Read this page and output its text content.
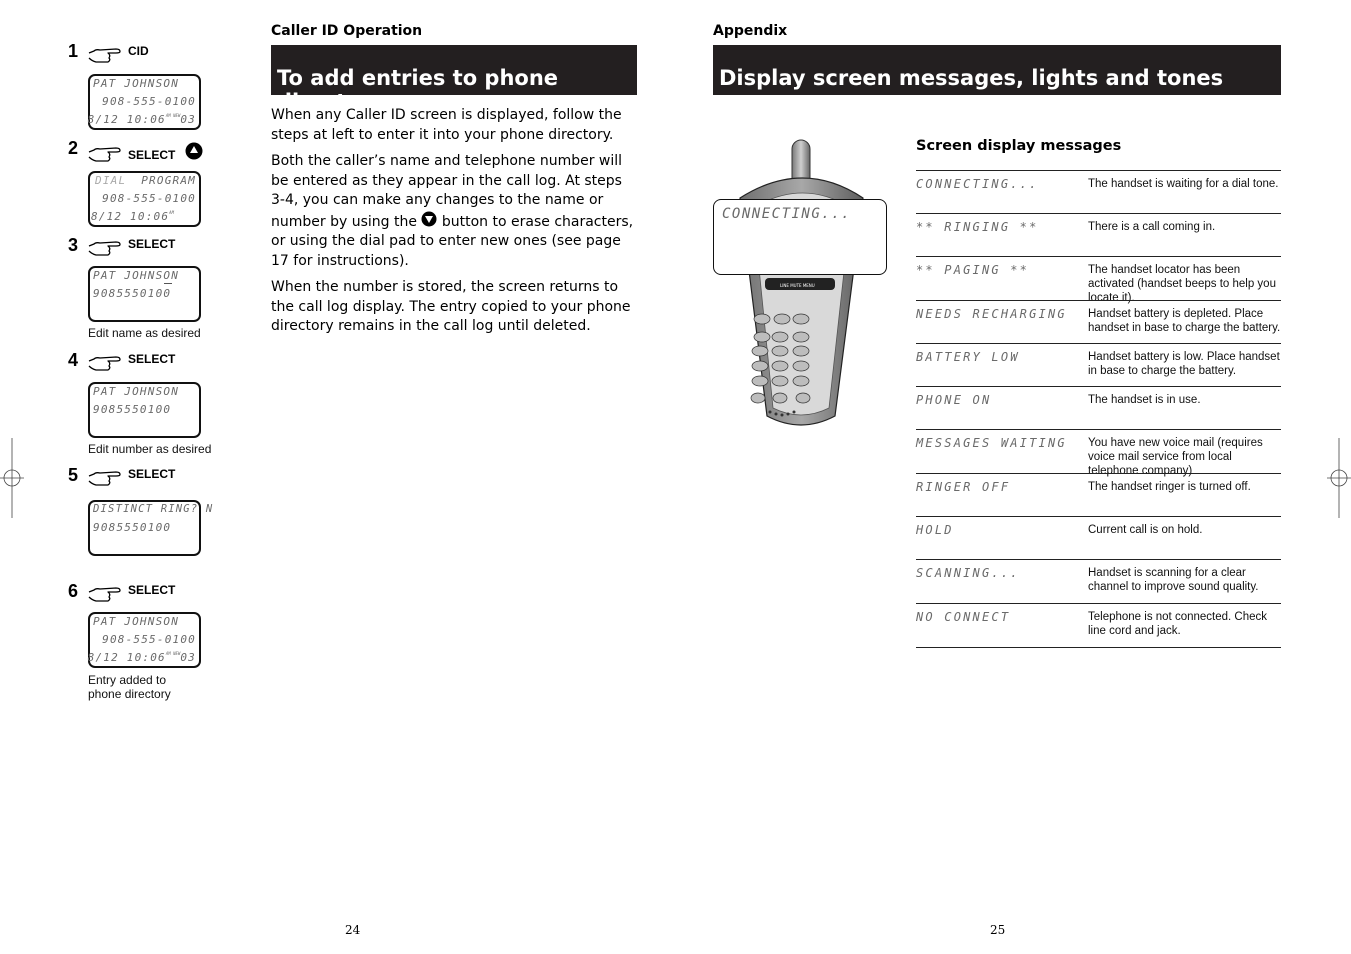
1	CID
PAT JOHNSON
908-555-0100
8/12 $10:06^{AM NEW}03$
2	SELECT
DIAL PROGRAM
908-555-0100
8/12 $10:06^{AM}$
3	SELECT
PAT JOHNSON
9085550100
Edit name as desired
4	SELECT
PAT JOHNSON
9085550100
Edit number as desired
5	SELECT
DISTINCT RING? N
9085550100
6	SELECT
PAT JOHNSON
908-555-0100
8/12 $10:06^{AM NEW}03$
Entry added to phone directory
Caller ID Operation
To add entries to phone directory

When any Caller ID screen is displayed, follow the steps at left to enter it into your phone directory.

Both the caller’s name and telephone number will be entered as they appear in the call log. At steps 3-4, you can make any changes to the name or number by using the button to erase characters, or using the dial pad to enter new ones (see page 17 for instructions).

When the number is stored, the screen returns to the call log display. The entry copied to your phone directory remains in the call log until deleted.

24
Appendix
Display screen messages, lights and tones
LINE MUTE MENU
CONNECTING...
Screen display messages
CONNECTING...	The handset is waiting for a dial tone.
** RINGING **	There is a call coming in.
** PAGING **	The handset locator has been activated (handset beeps to help you locate it).
NEEDS RECHARGING Handset battery is depleted. Place handset in base to charge the battery.
BATTERY LOW	Handset battery is low. Place handset in base to charge the battery.
PHONE ON	The handset is in use.
MESSAGES WAITING You have new voice mail (requires voice mail service from local telephone company)
RINGER OFF	The handset ringer is turned off.
HOLD	Current call is on hold.
SCANNING...	Handset is scanning for a clear channel to improve sound quality.
NO CONNECT	Telephone is not connected. Check line cord and jack.
25
